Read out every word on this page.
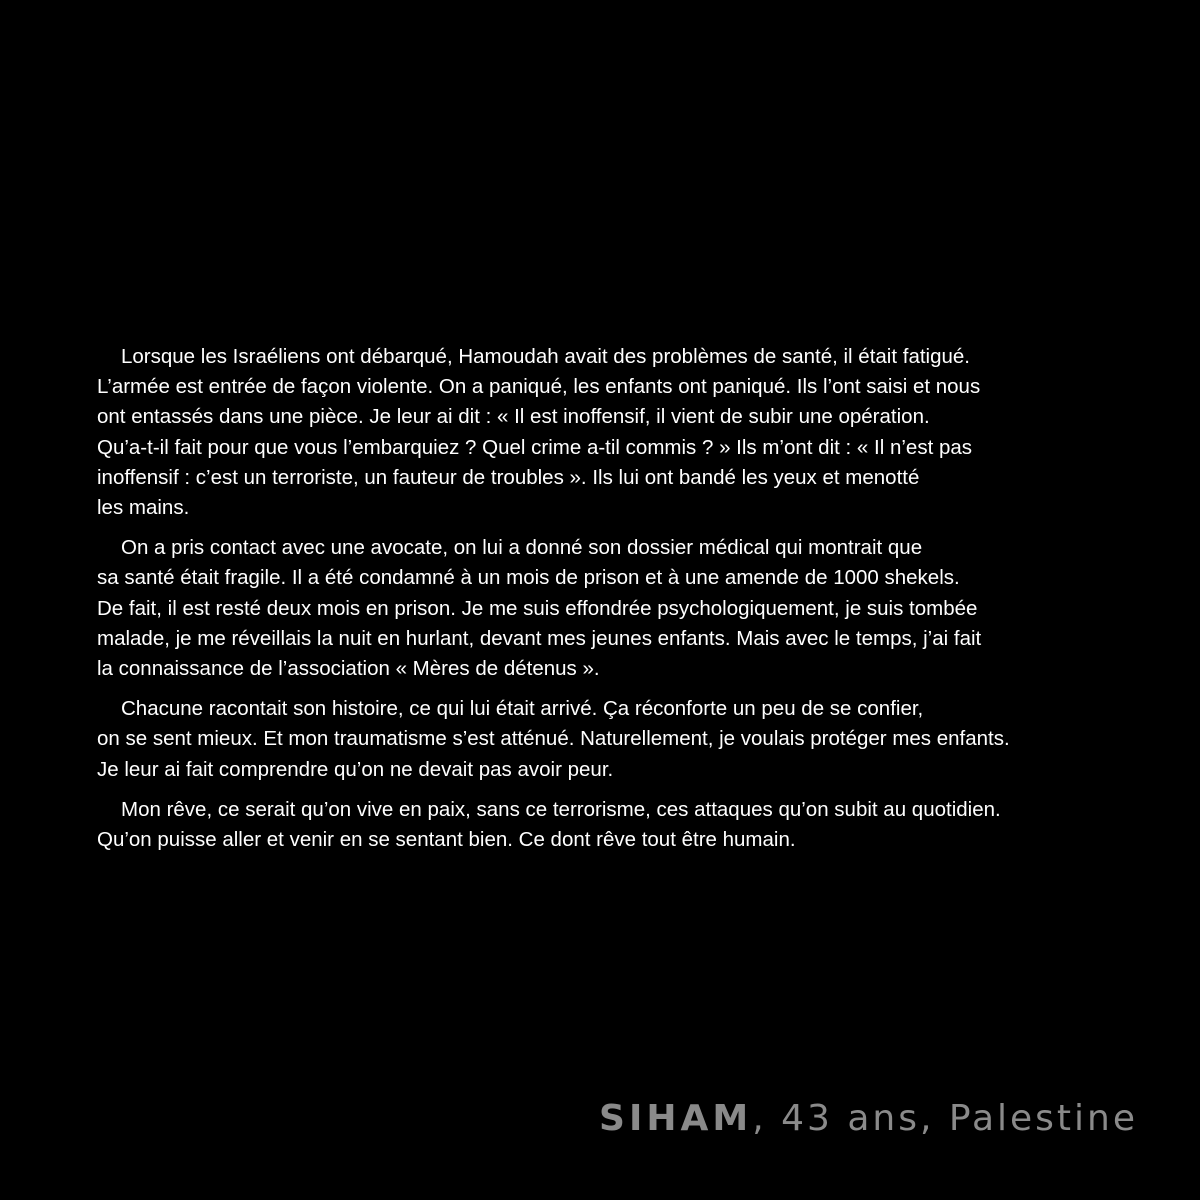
Lorsque les Israéliens ont débarqué, Hamoudah avait des problèmes de santé, il était fatigué.
L’armée est entrée de façon violente. On a paniqué, les enfants ont paniqué. Ils l’ont saisi et nous
ont entassés dans une pièce. Je leur ai dit : « Il est inoffensif, il vient de subir une opération.
Qu’a-t-il fait pour que vous l’embarquiez ? Quel crime a-til commis ? » Ils m’ont dit : « Il n’est pas
inoffensif : c’est un terroriste, un fauteur de troubles ». Ils lui ont bandé les yeux et menotté
les mains.

On a pris contact avec une avocate, on lui a donné son dossier médical qui montrait que
sa santé était fragile. Il a été condamné à un mois de prison et à une amende de 1000 shekels.
De fait, il est resté deux mois en prison. Je me suis effondrée psychologiquement, je suis tombée
malade, je me réveillais la nuit en hurlant, devant mes jeunes enfants. Mais avec le temps, j’ai fait
la connaissance de l’association « Mères de détenus ».

Chacune racontait son histoire, ce qui lui était arrivé. Ça réconforte un peu de se confier,
on se sent mieux. Et mon traumatisme s’est atténué. Naturellement, je voulais protéger mes enfants.
Je leur ai fait comprendre qu’on ne devait pas avoir peur.

Mon rêve, ce serait qu’on vive en paix, sans ce terrorisme, ces attaques qu’on subit au quotidien.
Qu’on puisse aller et venir en se sentant bien. Ce dont rêve tout être humain.

SIHAM, 43 ans, Palestine
